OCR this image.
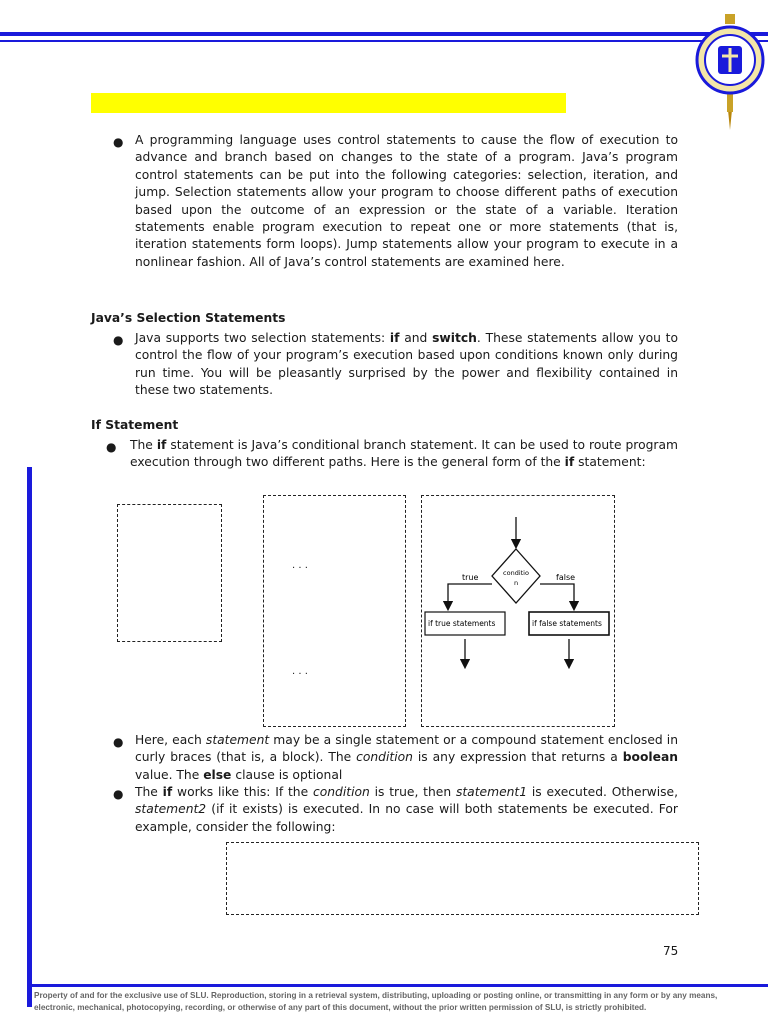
● A programming language uses control statements to cause the flow of execution to advance and branch based on changes to the state of a program. Java’s program control statements can be put into the following categories: selection, iteration, and jump. Selection statements allow your program to choose different paths of execution based upon the outcome of an expression or the state of a variable. Iteration statements enable program execution to repeat one or more statements (that is, iteration statements form loops). Jump statements allow your program to execute in a nonlinear fashion. All of Java’s control statements are examined here.
Java’s Selection Statements
● Java supports two selection statements: if and switch. These statements allow you to control the flow of your program’s execution based upon conditions known only during run time. You will be pleasantly surprised by the power and flexibility contained in these two statements.
If Statement
● The if statement is Java’s conditional branch statement. It can be used to route program execution through two different paths. Here is the general form of the if statement:
. . .
. . .
conditio
n
true	false
if true statements	if false statements
● Here, each statement may be a single statement or a compound statement enclosed in curly braces (that is, a block). The condition is any expression that returns a boolean value. The else clause is optional
● The if works like this: If the condition is true, then statement1 is executed. Otherwise, statement2 (if it exists) is executed. In no case will both statements be executed. For example, consider the following:
75
Property of and for the exclusive use of SLU. Reproduction, storing in a retrieval system, distributing, uploading or posting online, or transmitting in any form or by any means, electronic, mechanical, photocopying, recording, or otherwise of any part of this document, without the prior written permission of SLU, is strictly prohibited.
